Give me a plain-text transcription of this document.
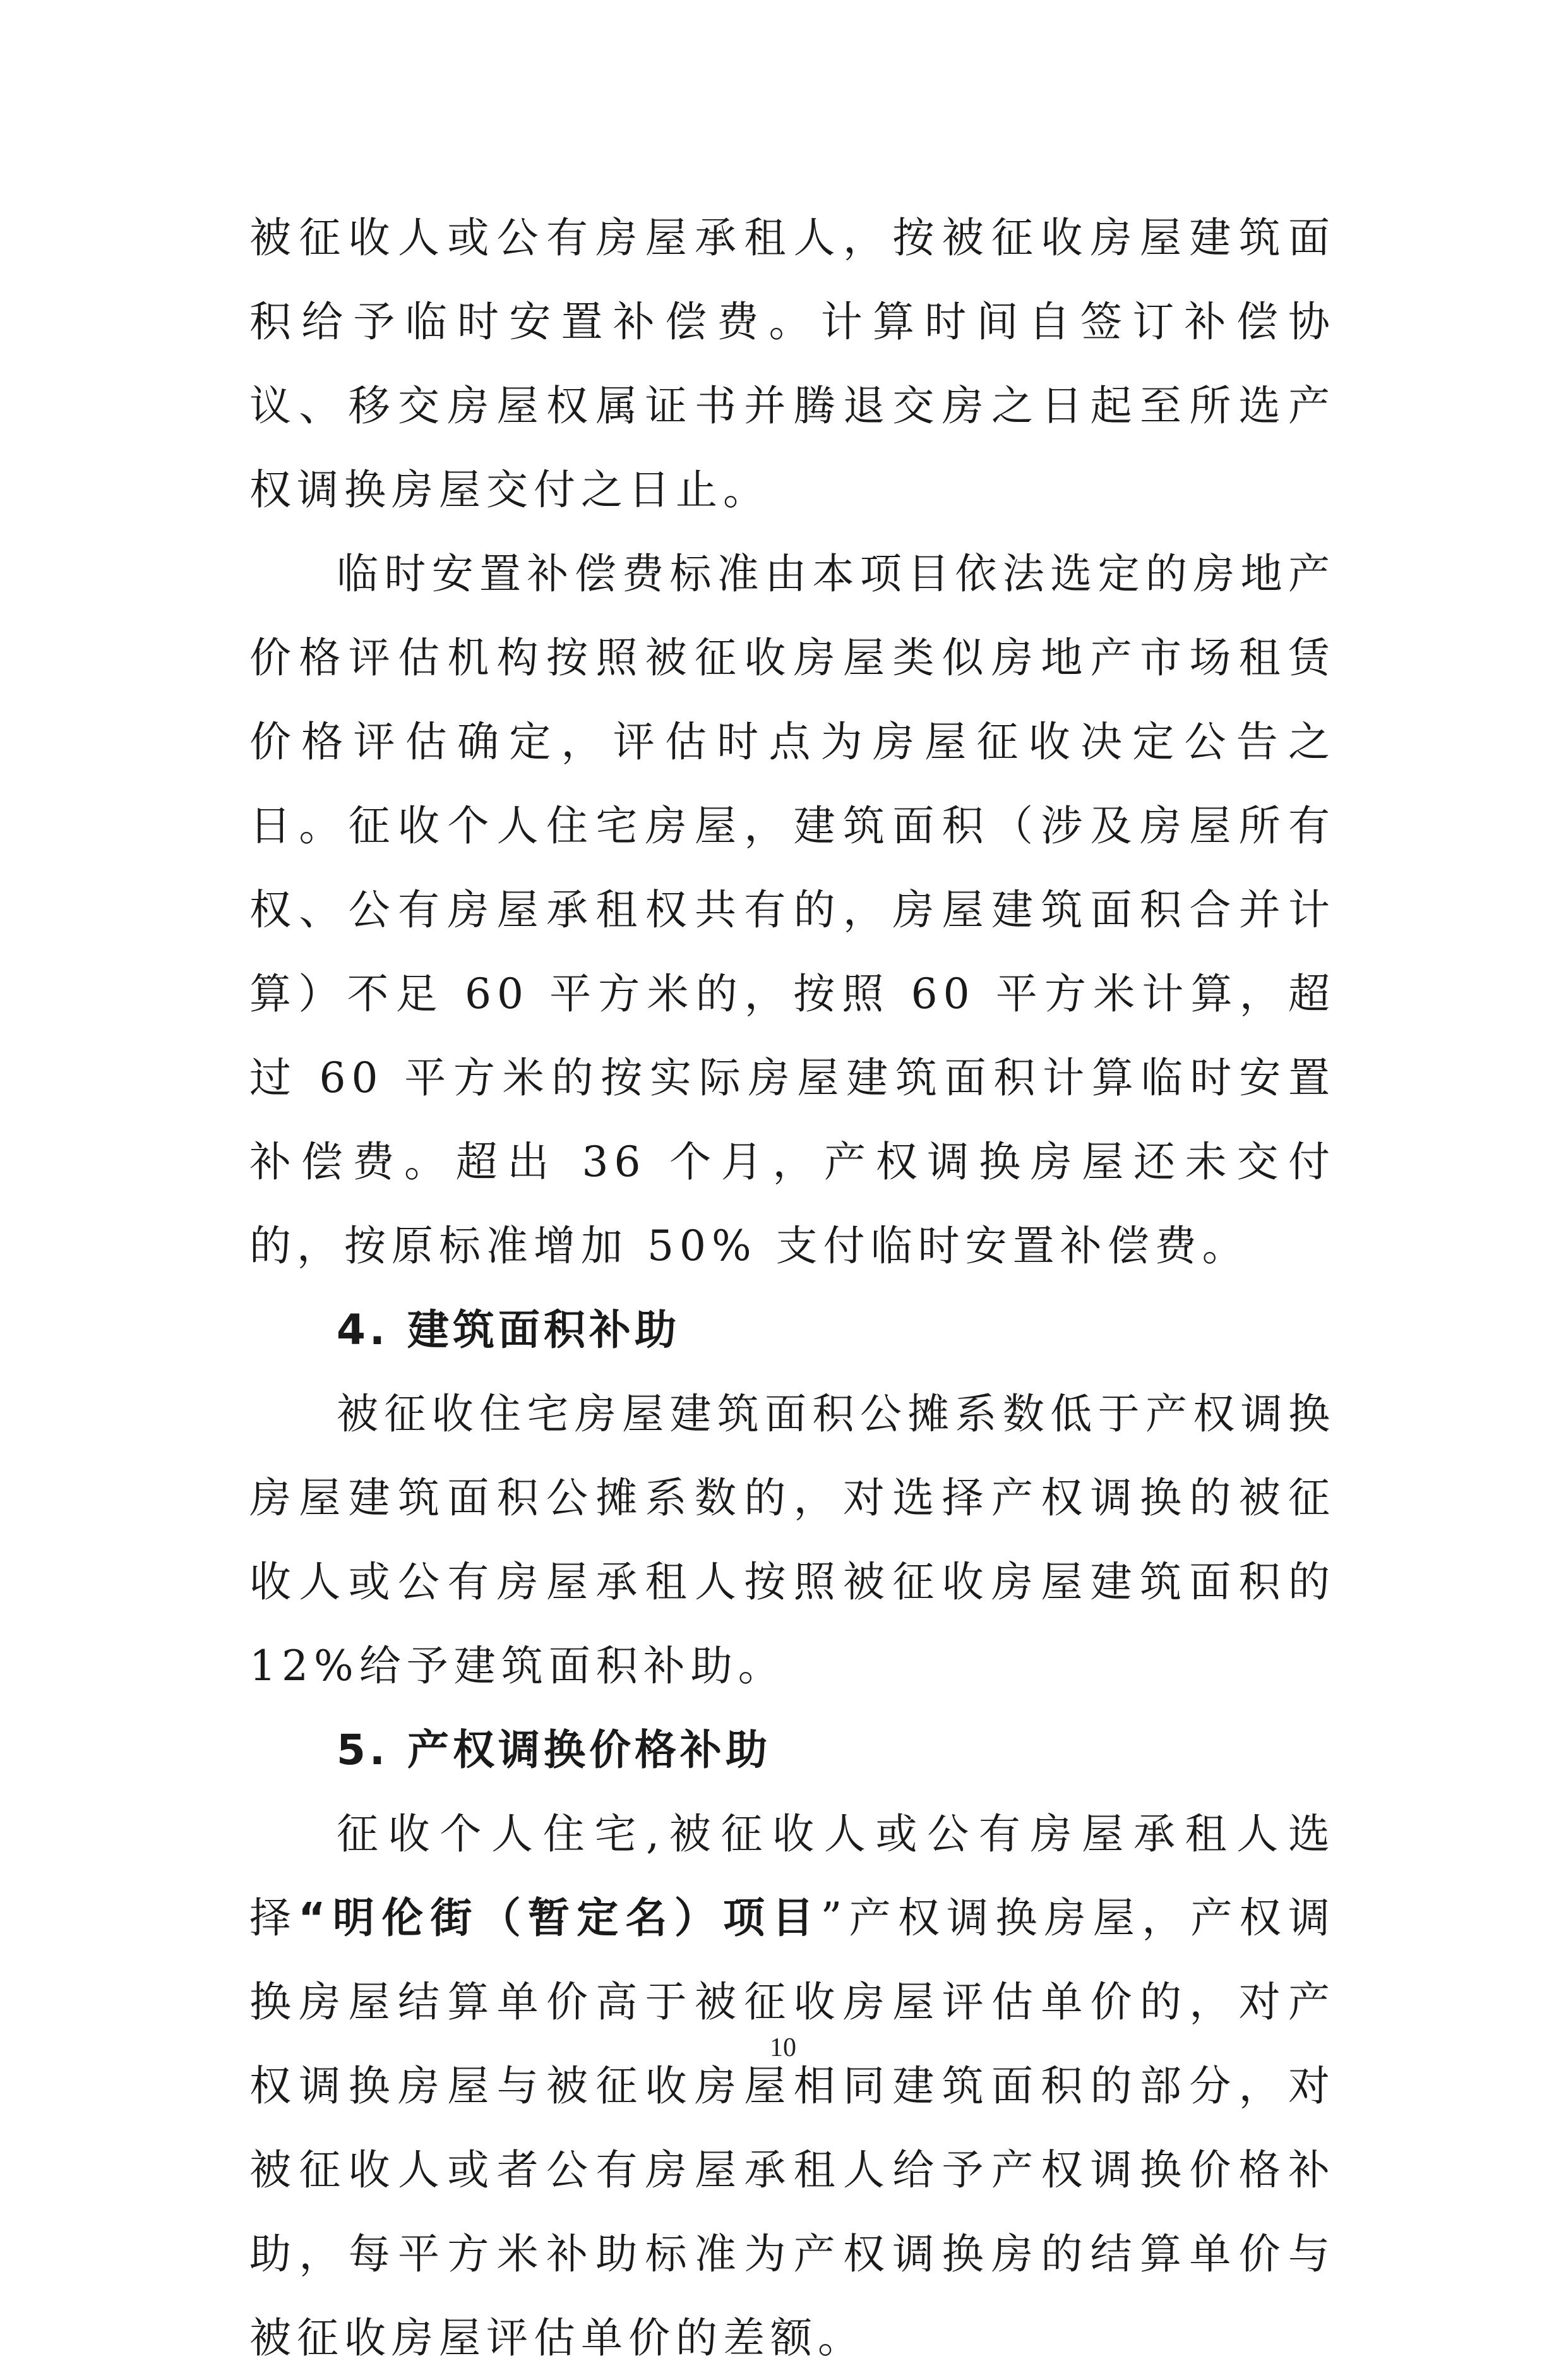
被征收人或公有房屋承租人，按被征收房屋建筑面积给予临时安置补偿费。计算时间自签订补偿协议、移交房屋权属证书并腾退交房之日起至所选产权调换房屋交付之日止。

临时安置补偿费标准由本项目依法选定的房地产价格评估机构按照被征收房屋类似房地产市场租赁价格评估确定，评估时点为房屋征收决定公告之日。征收个人住宅房屋，建筑面积（涉及房屋所有权、公有房屋承租权共有的，房屋建筑面积合并计算）不足 60 平方米的，按照 60 平方米计算，超过 60 平方米的按实际房屋建筑面积计算临时安置补偿费。超出 36 个月，产权调换房屋还未交付的，按原标准增加 50% 支付临时安置补偿费。

4. 建筑面积补助

被征收住宅房屋建筑面积公摊系数低于产权调换房屋建筑面积公摊系数的，对选择产权调换的被征收人或公有房屋承租人按照被征收房屋建筑面积的 12%给予建筑面积补助。

5. 产权调换价格补助

征收个人住宅,被征收人或公有房屋承租人选择“明伦街（暂定名）项目”产权调换房屋，产权调换房屋结算单价高于被征收房屋评估单价的，对产权调换房屋与被征收房屋相同建筑面积的部分，对被征收人或者公有房屋承租人给予产权调换价格补助，每平方米补助标准为产权调换房的结算单价与被征收房屋评估单价的差额。

10
